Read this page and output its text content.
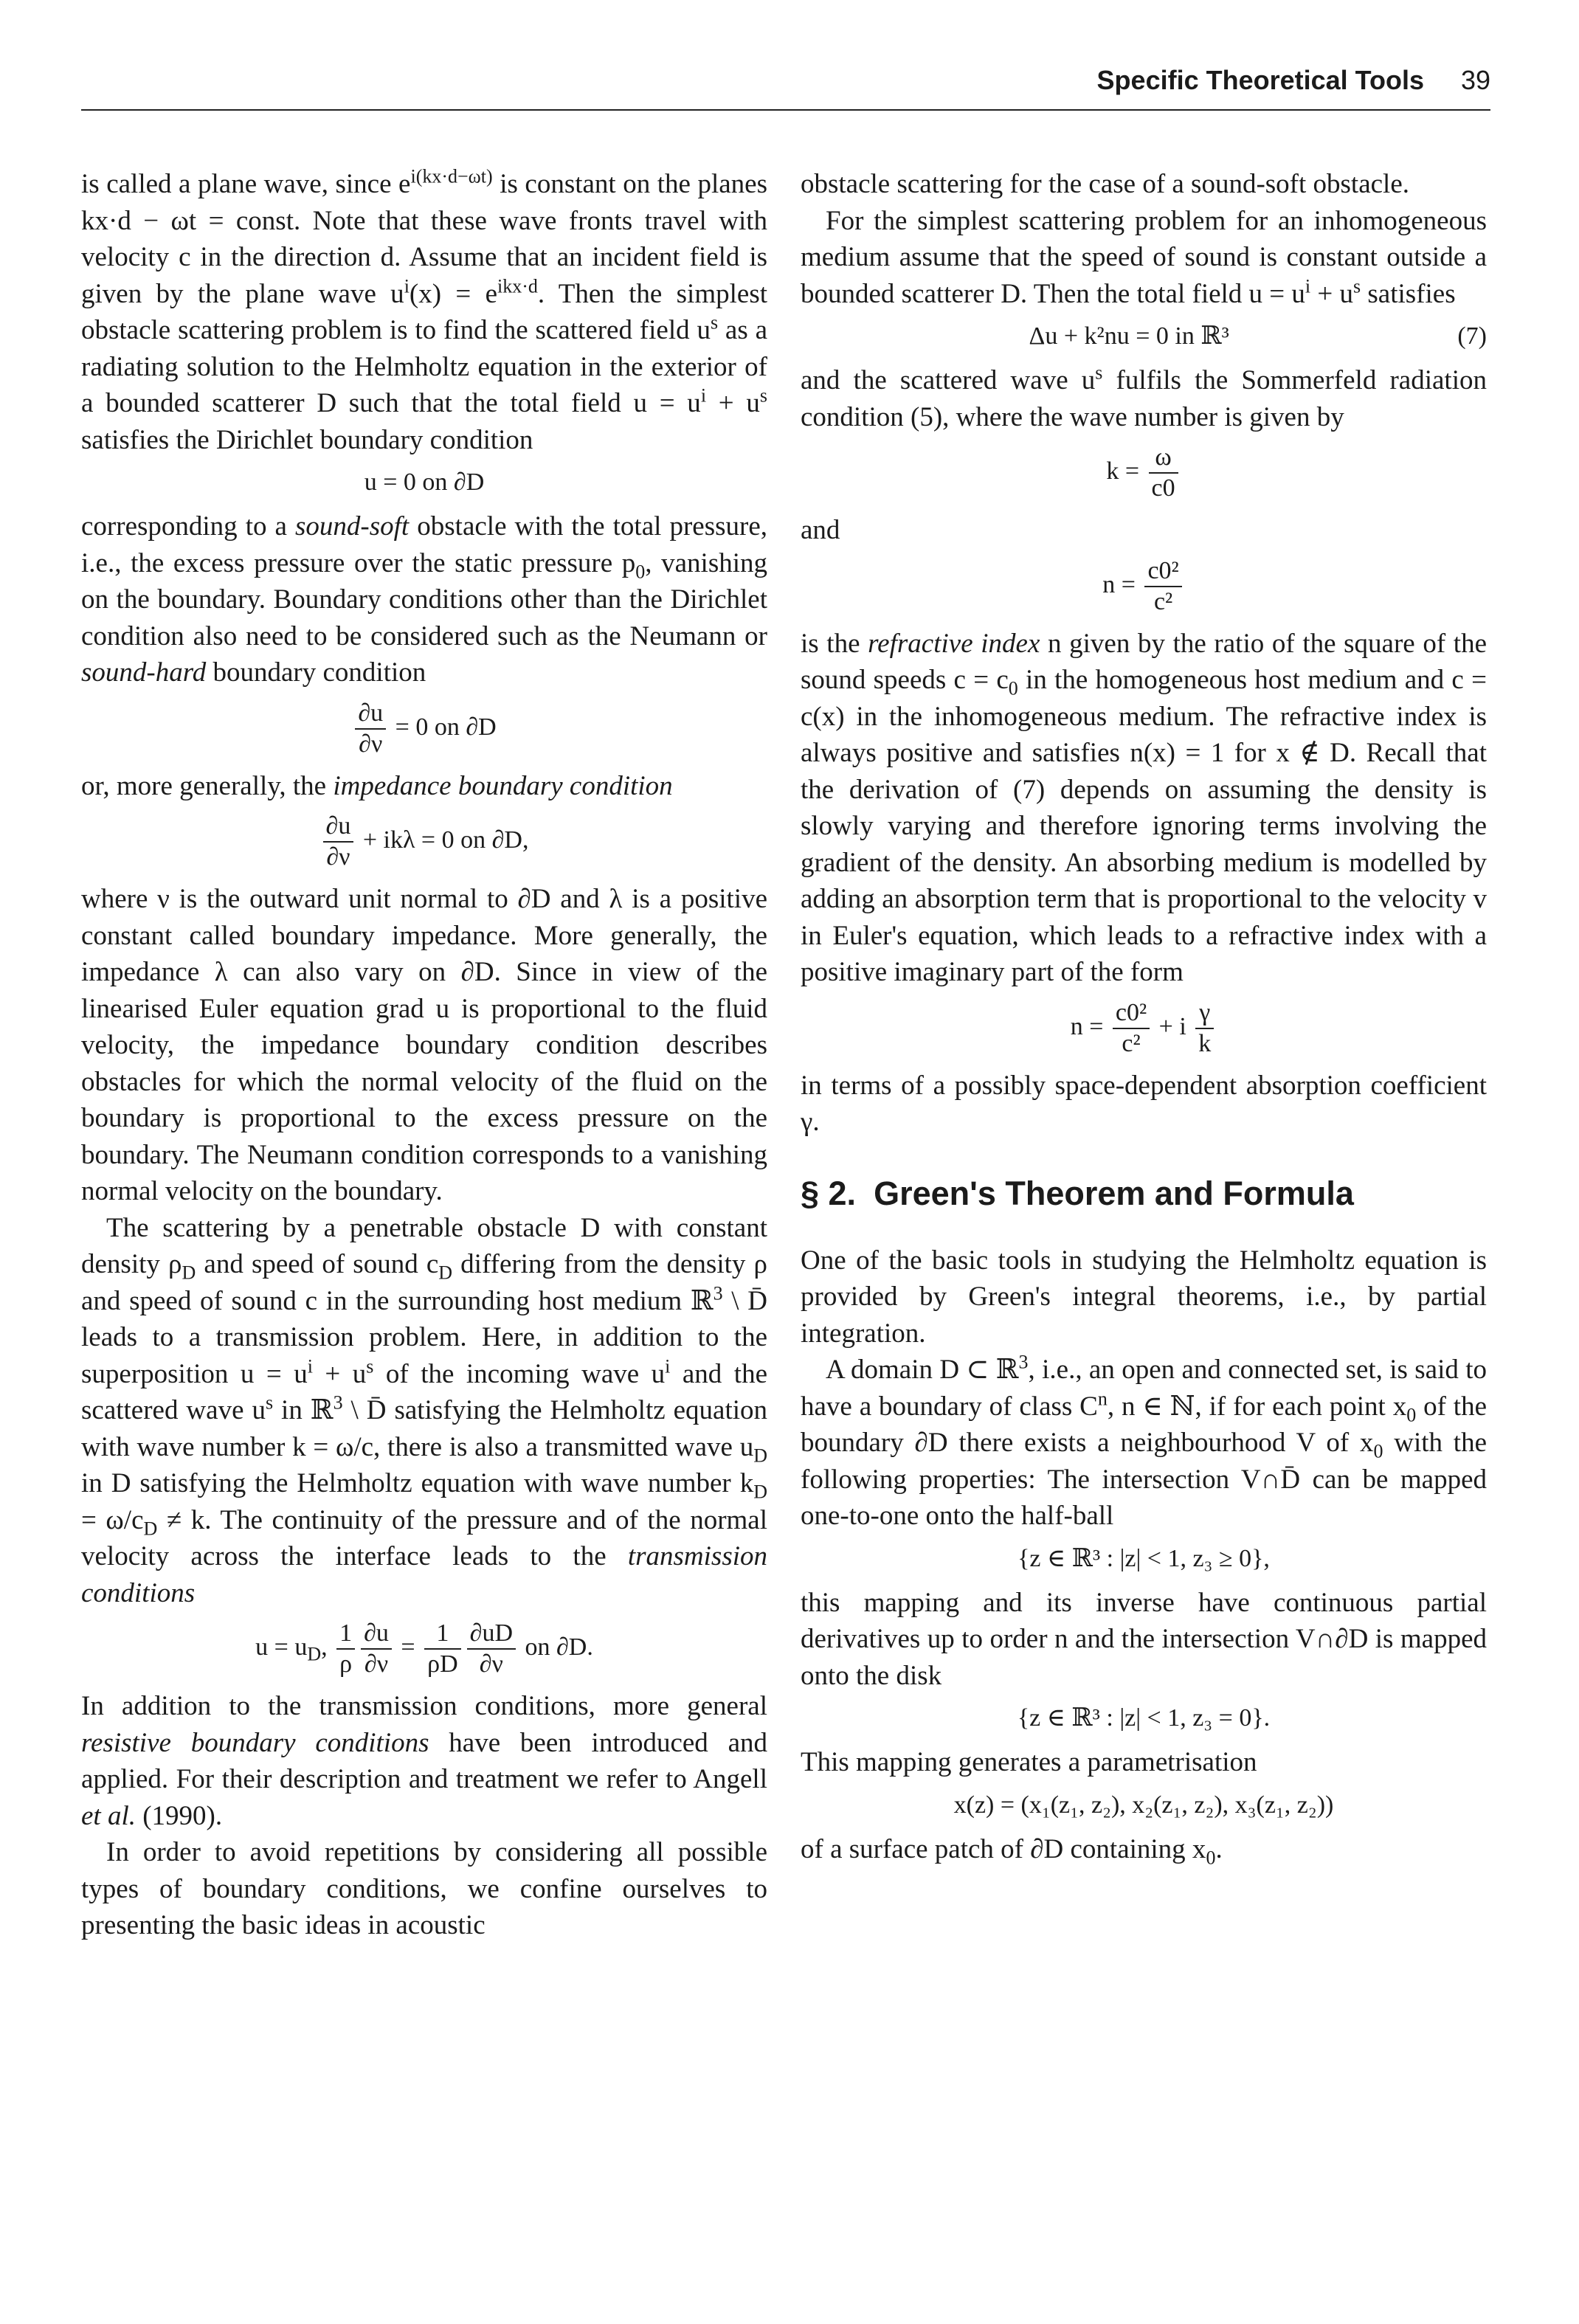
Specific Theoretical Tools 39

is called a plane wave, since $e^{i(kx\cdot d-\omega t)}$ is constant on the planes kx·d − ωt = const. Note that these wave fronts travel with velocity c in the direction d. Assume that an incident field is given by the plane wave $u^i(x) = e^{ikx\cdot d}$. Then the simplest obstacle scattering problem is to find the scattered field $u^s$ as a radiating solution to the Helmholtz equation in the exterior of a bounded scatterer D such that the total field $u = u^i + u^s$ satisfies the Dirichlet boundary condition

u = 0 on ∂D

corresponding to a sound-soft obstacle with the total pressure, i.e., the excess pressure over the static pressure $p_0$, vanishing on the boundary. Boundary conditions other than the Dirichlet condition also need to be considered such as the Neumann or sound-hard boundary condition

$\frac{\partial u}{\partial\nu} = 0$ on ∂D

or, more generally, the impedance boundary condition

$\frac{\partial u}{\partial\nu} + ik\lambda = 0$ on ∂D,

where ν is the outward unit normal to ∂D and λ is a positive constant called boundary impedance. More generally, the impedance λ can also vary on ∂D. Since in view of the linearised Euler equation grad u is proportional to the fluid velocity, the impedance boundary condition describes obstacles for which the normal velocity of the fluid on the boundary is proportional to the excess pressure on the boundary. The Neumann condition corresponds to a vanishing normal velocity on the boundary.

The scattering by a penetrable obstacle D with constant density $\rho_D$ and speed of sound $c_D$ differing from the density ρ and speed of sound c in the surrounding host medium ℝ$^3$ \ D̄ leads to a transmission problem. Here, in addition to the superposition $u = u^i + u^s$ of the incoming wave $u^i$ and the scattered wave $u^s$ in ℝ$^3$ \ D̄ satisfying the Helmholtz equation with wave number k = ω/c, there is also a transmitted wave $u_D$ in D satisfying the Helmholtz equation with wave number $k_D = \omega/c_D \ne k$. The continuity of the pressure and of the normal velocity across the interface leads to the transmission conditions

$u = u_D$, $\frac{1}{\rho} \frac{\partial u}{\partial\nu} = \frac{1}{\rho D} \frac{\partial uD}{\partial\nu}$ on ∂D.

In addition to the transmission conditions, more general resistive boundary conditions have been introduced and applied. For their description and treatment we refer to Angell et al. (1990).

In order to avoid repetitions by considering all possible types of boundary conditions, we confine ourselves to presenting the basic ideas in acoustic

obstacle scattering for the case of a sound-soft obstacle.

For the simplest scattering problem for an inhomogeneous medium assume that the speed of sound is constant outside a bounded scatterer D. Then the total field $u = u^i + u^s$ satisfies

(7)
Δu + k²nu = 0 in ℝ³

and the scattered wave $u^s$ fulfils the Sommerfeld radiation condition (5), where the wave number is given by

$k = \frac{\omega}{c0}$

and

$n = \frac{\text{c0²}}{\text{c²}}$

is the refractive index n given by the ratio of the square of the sound speeds $c = c_0$ in the homogeneous host medium and c = c(x) in the inhomogeneous medium. The refractive index is always positive and satisfies n(x) = 1 for x ∉ D. Recall that the derivation of (7) depends on assuming the density is slowly varying and therefore ignoring terms involving the gradient of the density. An absorbing medium is modelled by adding an absorption term that is proportional to the velocity v in Euler's equation, which leads to a refractive index with a positive imaginary part of the form

$n = \frac{\text{c0²}}{\text{c²}} + i \frac{\gamma}{k}$

in terms of a possibly space-dependent absorption coefficient γ.

§ 2. Green's Theorem and Formula

One of the basic tools in studying the Helmholtz equation is provided by Green's integral theorems, i.e., by partial integration.

A domain D ⊂ ℝ$^3$, i.e., an open and connected set, is said to have a boundary of class $C^n$, n ∈ ℕ, if for each point $x_0$ of the boundary ∂D there exists a neighbourhood V of $x_0$ with the following properties: The intersection V∩D̄ can be mapped one-to-one onto the half-ball

{z ∈ ℝ³ : |z| < 1, z₃ ≥ 0},

this mapping and its inverse have continuous partial derivatives up to order n and the intersection V∩∂D is mapped onto the disk

{z ∈ ℝ³ : |z| < 1, z₃ = 0}.

This mapping generates a parametrisation

x(z) = (x₁(z₁, z₂), x₂(z₁, z₂), x₃(z₁, z₂))

of a surface patch of ∂D containing $x_0$.
